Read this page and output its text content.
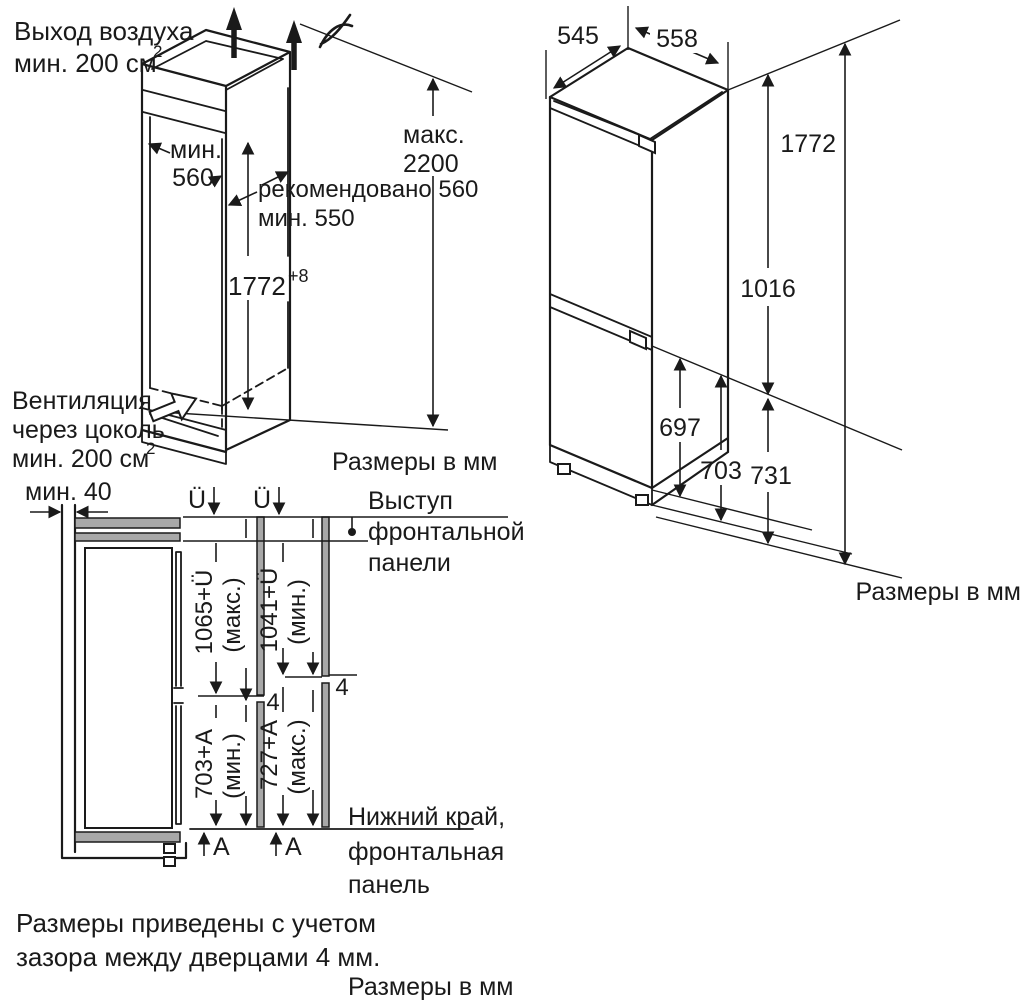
Выход воздуха
мин. 200 см
2
мин.
560 рекомендовано 560
мин. 550
1772 +8
макс.
2200
Вентиляция
через цоколь
мин. 200 см
2	Размеры в мм
545 558
1772
1016
697
703 731
Размеры в мм
мин. 40	Ü Ü
1065+Ü (макс.) 1041+Ü (мин.)
4
4
703+A (мин.) 727+A (макс.)
A A
Выступ
фронтальной
панели
Нижний край,
фронтальная
панель
Размеры приведены с учетом
зазора между дверцами 4 мм.
Размеры в мм
